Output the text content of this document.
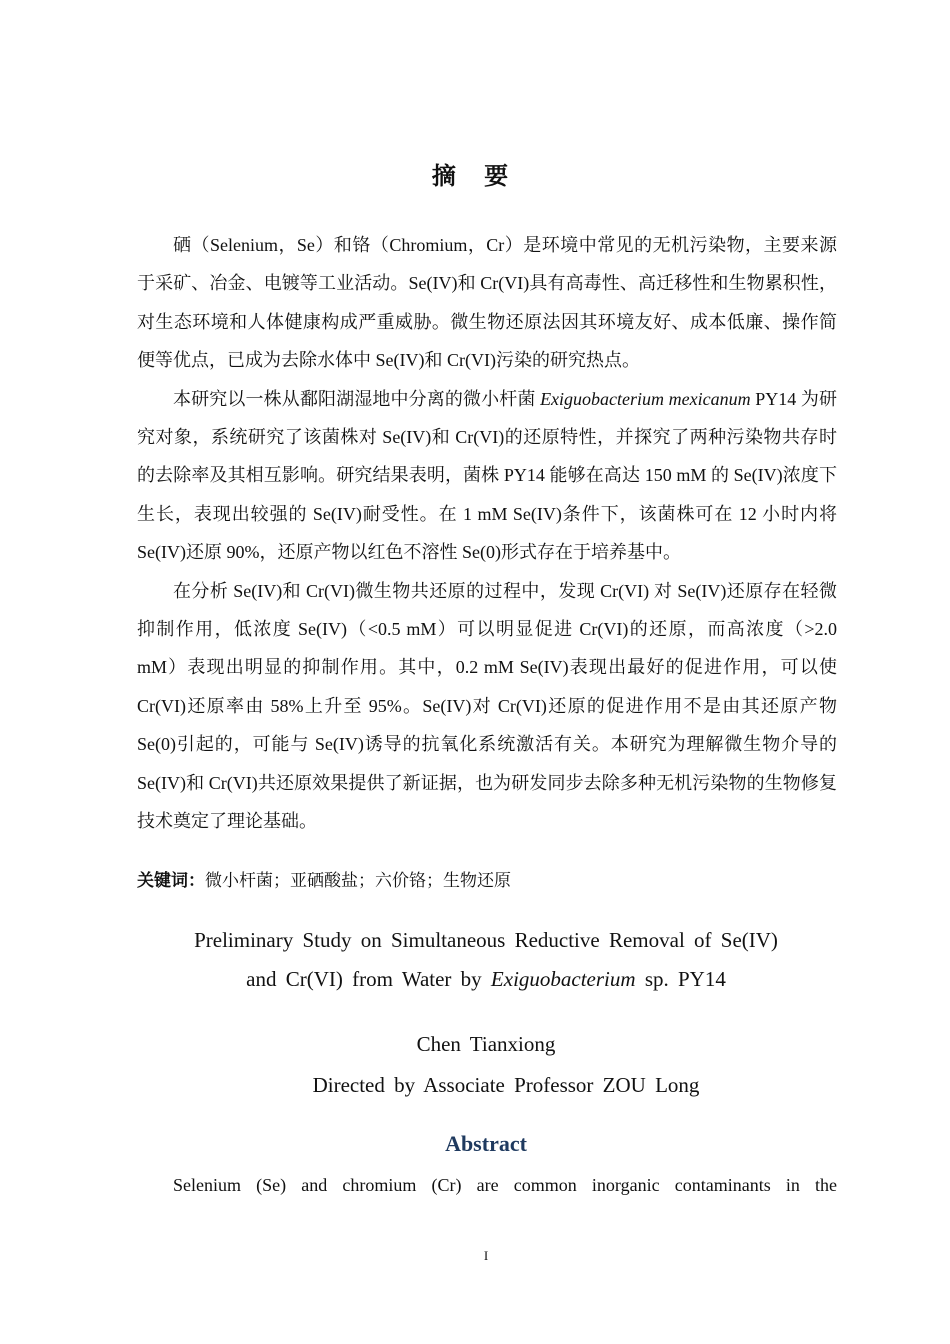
摘 要

硒（Selenium，Se）和铬（Chromium，Cr）是环境中常见的无机污染物，主要来源于采矿、冶金、电镀等工业活动。Se(IV)和 Cr(VI)具有高毒性、高迁移性和生物累积性，对生态环境和人体健康构成严重威胁。微生物还原法因其环境友好、成本低廉、操作简便等优点，已成为去除水体中 Se(IV)和 Cr(VI)污染的研究热点。

本研究以一株从鄱阳湖湿地中分离的微小杆菌 Exiguobacterium mexicanum PY14 为研究对象，系统研究了该菌株对 Se(IV)和 Cr(VI)的还原特性，并探究了两种污染物共存时的去除率及其相互影响。研究结果表明，菌株 PY14 能够在高达 150 mM 的 Se(IV)浓度下生长，表现出较强的 Se(IV)耐受性。在 1 mM Se(IV)条件下，该菌株可在 12 小时内将 Se(IV)还原 90%，还原产物以红色不溶性 Se(0)形式存在于培养基中。

在分析 Se(IV)和 Cr(VI)微生物共还原的过程中，发现 Cr(VI) 对 Se(IV)还原存在轻微抑制作用，低浓度 Se(IV)（<0.5 mM）可以明显促进 Cr(VI)的还原，而高浓度（>2.0 mM）表现出明显的抑制作用。其中，0.2 mM Se(IV)表现出最好的促进作用，可以使 Cr(VI)还原率由 58%上升至 95%。Se(IV)对 Cr(VI)还原的促进作用不是由其还原产物 Se(0)引起的，可能与 Se(IV)诱导的抗氧化系统激活有关。本研究为理解微生物介导的 Se(IV)和 Cr(VI)共还原效果提供了新证据，也为研发同步去除多种无机污染物的生物修复技术奠定了理论基础。

关键词：微小杆菌；亚硒酸盐；六价铬；生物还原
Preliminary Study on Simultaneous Reductive Removal of Se(IV)
and Cr(VI) from Water by Exiguobacterium sp. PY14
Chen Tianxiong
Directed by Associate Professor ZOU Long
Abstract

Selenium (Se) and chromium (Cr) are common inorganic contaminants in the

I
